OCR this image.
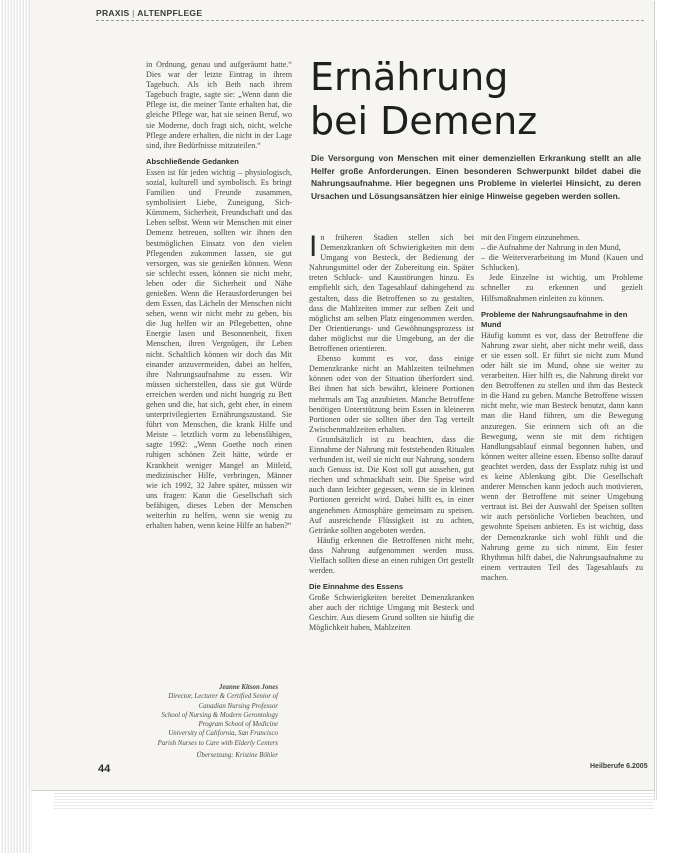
PRAXIS | ALTENPFLEGE

in Ordnung, genau und aufgeräumt hatte.“ Dies war der letzte Eintrag in ihrem Tagebuch. Als ich Beth nach ihrem Tagebuch fragte, sagte sie: „Wenn dann die Pflege ist, die meiner Tante erhalten hat, die gleiche Pflege war, hat sie seinen Beruf, wo sie Moderne, doch fragt sich, nicht, welche Pflege andere erhalten, die nicht in der Lage sind, ihre Bedürfnisse mitzuteilen.“

Abschließende Gedanken

Essen ist für jeden wichtig – physiologisch, sozial, kulturell und symbolisch. Es bringt Familien und Freunde zusammen, symbolisiert Liebe, Zuneigung, Sich-Kümmern, Sicherheit, Freundschaft und das Leben selbst. Wenn wir Menschen mit einer Demenz betreuen, sollten wir ihnen den bestmöglichen Einsatz von den vielen Pflegenden zukommen lassen, sie gut versorgen, was sie genießen können. Wenn sie schlecht essen, können sie nicht mehr, leben oder die Sicherheit und Nähe genießen. Wenn die Herausforderungen bei dem Essen, das Lächeln der Menschen nicht sehen, wenn wir nicht mehr zu geben, bis die Jug helfen wir an Pflegebetten, ohne Energie lasen und Besonnenheit, fixen Menschen, ihren Vergnügen, ihr Leben nicht. Schaltlich können wir doch das Mit einander anzuvermeiden, dabei an helfen, ihre Nahrungsaufnahme zu essen. Wir müssen sicherstellen, dass sie gut Würde erreichen werden und nicht hungrig zu Bett gehen und die, hat sich, geht eher, in einem unterprivilegierten Ernährungszustand. Sie führt von Menschen, die krank Hilfe und Meiste – letztlich vorm zu lebensfähigen, sagte 1992: „Wenn Goethe noch einen ruhigen schönen Zeit hätte, würde er Krankheit weniger Mangel an Mitleid, medizinischer Hilfe, verbringen, Männer wie ich 1992, 32 Jahre später, müssen wir uns fragen: Kann die Gesellschaft sich befähigen, dieses Leben der Menschen weiterhin zu helfen, wenn sie wenig zu erhalten haben, wenn keine Hilfe an haben?“

Jeanne Kitson Jones
Director, Lecturer & Certified Senior of Canadian Nursing Professor
School of Nursing & Modern Gerontology
Program School of Medicine
University of California, San Francisco
Parish Nurses to Care with Elderly Centers
Übersetzung: Kristine Böhler
Ernährung
bei Demenz

Die Versorgung von Menschen mit einer demenziellen Erkrankung stellt an alle Helfer große Anforderungen. Einen besonderen Schwerpunkt bildet dabei die Nahrungsaufnahme. Hier begegnen uns Probleme in vielerlei Hinsicht, zu deren Ursachen und Lösungsansätzen hier einige Hinweise gegeben werden sollen.

In früheren Stadien stellen sich bei Demenzkranken oft Schwierigkeiten mit dem Umgang von Besteck, der Bedienung der Nahrungsmittel oder der Zubereitung ein. Später treten Schluck- und Kaustörungen hinzu. Es empfiehlt sich, den Tagesablauf dahingehend zu gestalten, dass die Betroffenen so zu gestalten, dass die Mahlzeiten immer zur selben Zeit und möglichst am selben Platz eingenommen werden. Der Orientierungs- und Gewöhnungsprozess ist daher möglichst nur die Umgebung, an der die Betroffenen orientieren.

Ebenso kommt es vor, dass einige Demenzkranke nicht an Mahlzeiten teilnehmen können oder von der Situation überfordert sind. Bei ihnen hat sich bewährt, kleinere Portionen mehrmals am Tag anzubieten. Manche Betroffene benötigen Unterstützung beim Essen in kleineren Portionen oder sie sollten über den Tag verteilt Zwischenmahlzeiten erhalten.

Grundsätzlich ist zu beachten, dass die Einnahme der Nahrung mit feststehenden Ritualen verbunden ist, weil sie nicht nur Nahrung, sondern auch Genuss ist. Die Kost soll gut aussehen, gut riechen und schmackhaft sein. Die Speise wird auch dann leichter gegessen, wenn sie in kleinen Portionen gereicht wird. Dabei hilft es, in einer angenehmen Atmosphäre gemeinsam zu speisen. Auf ausreichende Flüssigkeit ist zu achten, Getränke sollten angeboten werden.

Häufig erkennen die Betroffenen nicht mehr, dass Nahrung aufgenommen werden muss. Vielfach sollten diese an einen ruhigen Ort gestellt werden.

Die Einnahme des Essens

Große Schwierigkeiten bereitet Demenzkranken aber auch der richtige Umgang mit Besteck und Geschirr. Aus diesem Grund sollten sie häufig die Möglichkeit haben, Mahlzeiten

mit den Fingern einzunehmen.

– die Aufnahme der Nahrung in den Mund,

– die Weiterverarbeitung im Mund (Kauen und Schlucken).

Jede Einzelne ist wichtig, um Probleme schneller zu erkennen und gezielt Hilfsmaßnahmen einleiten zu können.

Probleme der Nahrungsaufnahme in den Mund

Häufig kommt es vor, dass der Betroffene die Nahrung zwar sieht, aber nicht mehr weiß, dass er sie essen soll. Er führt sie nicht zum Mund oder hält sie im Mund, ohne sie weiter zu verarbeiten. Hier hilft es, die Nahrung direkt vor den Betroffenen zu stellen und ihm das Besteck in die Hand zu geben. Manche Betroffene wissen nicht mehr, wie man Besteck benutzt, dann kann man die Hand führen, um die Bewegung anzuregen. Sie erinnern sich oft an die Bewegung, wenn sie mit dem richtigen Handlungsablauf einmal begonnen haben, und können weiter alleine essen. Ebenso sollte darauf geachtet werden, dass der Essplatz ruhig ist und es keine Ablenkung gibt. Die Gesellschaft anderer Menschen kann jedoch auch motivieren, wenn der Betroffene mit seiner Umgebung vertraut ist. Bei der Auswahl der Speisen sollten wir auch persönliche Vorlieben beachten, und gewohnte Speisen anbieten. Es ist wichtig, dass der Demenzkranke sich wohl fühlt und die Nahrung gerne zu sich nimmt. Ein fester Rhythmus hilft dabei, die Nahrungsaufnahme zu einem vertrauten Teil des Tagesablaufs zu machen.

44	Heilberufe 6.2005
